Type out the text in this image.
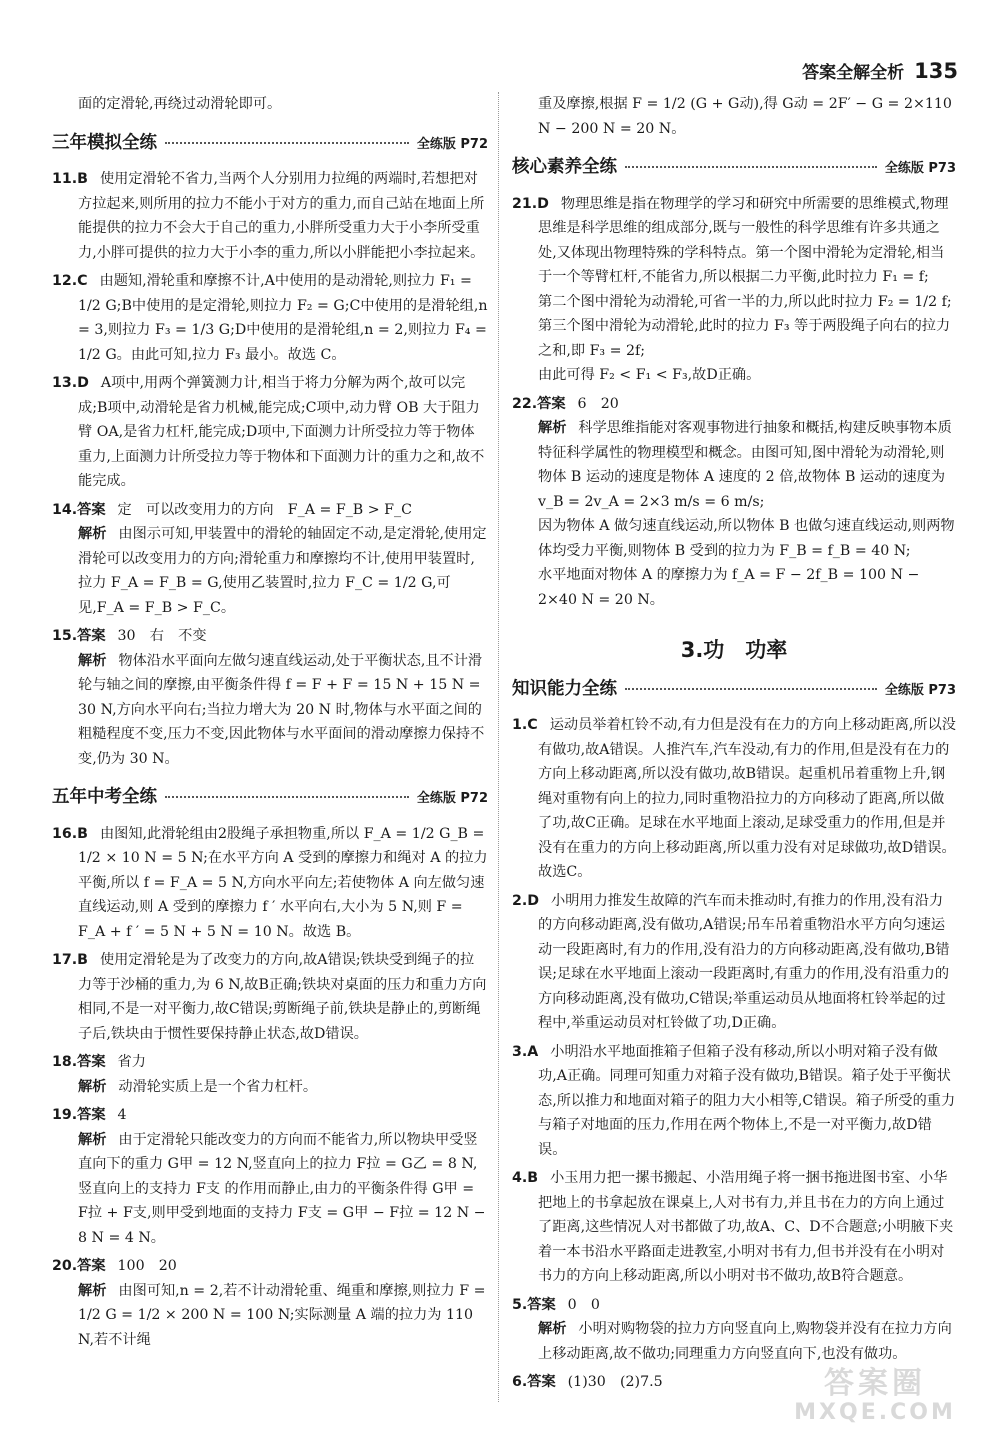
答案全解全析 135

面的定滑轮,再绕过动滑轮即可。

三年模拟全练	全练版 P72

11.B 使用定滑轮不省力,当两个人分别用力拉绳的两端时,若想把对方拉起来,则所用的拉力不能小于对方的重力,而自己站在地面上所能提供的拉力不会大于自己的重力,小胖所受重力大于小李所受重力,小胖可提供的拉力大于小李的重力,所以小胖能把小李拉起来。

12.C 由题知,滑轮重和摩擦不计,A中使用的是动滑轮,则拉力 F₁ = 1/2 G;B中使用的是定滑轮,则拉力 F₂ = G;C中使用的是滑轮组,n = 3,则拉力 F₃ = 1/3 G;D中使用的是滑轮组,n = 2,则拉力 F₄ = 1/2 G。由此可知,拉力 F₃ 最小。故选 C。

13.D A项中,用两个弹簧测力计,相当于将力分解为两个,故可以完成;B项中,动滑轮是省力机械,能完成;C项中,动力臂 OB 大于阻力臂 OA,是省力杠杆,能完成;D项中,下面测力计所受拉力等于物体重力,上面测力计所受拉力等于物体和下面测力计的重力之和,故不能完成。

14.答案 定　可以改变用力的方向　F_A = F_B > F_C

解析 由图示可知,甲装置中的滑轮的轴固定不动,是定滑轮,使用定滑轮可以改变用力的方向;滑轮重力和摩擦均不计,使用甲装置时,拉力 F_A = F_B = G,使用乙装置时,拉力 F_C = 1/2 G,可见,F_A = F_B > F_C。

15.答案 30　右　不变

解析 物体沿水平面向左做匀速直线运动,处于平衡状态,且不计滑轮与轴之间的摩擦,由平衡条件得 f = F + F = 15 N + 15 N = 30 N,方向水平向右;当拉力增大为 20 N 时,物体与水平面之间的粗糙程度不变,压力不变,因此物体与水平面间的滑动摩擦力保持不变,仍为 30 N。

五年中考全练	全练版 P72

16.B 由图知,此滑轮组由2股绳子承担物重,所以 F_A = 1/2 G_B = 1/2 × 10 N = 5 N;在水平方向 A 受到的摩擦力和绳对 A 的拉力平衡,所以 f = F_A = 5 N,方向水平向左;若使物体 A 向左做匀速直线运动,则 A 受到的摩擦力 f ′ 水平向右,大小为 5 N,则 F = F_A + f ′ = 5 N + 5 N = 10 N。故选 B。

17.B 使用定滑轮是为了改变力的方向,故A错误;铁块受到绳子的拉力等于沙桶的重力,为 6 N,故B正确;铁块对桌面的压力和重力方向相同,不是一对平衡力,故C错误;剪断绳子前,铁块是静止的,剪断绳子后,铁块由于惯性要保持静止状态,故D错误。

18.答案 省力

解析 动滑轮实质上是一个省力杠杆。

19.答案 4

解析 由于定滑轮只能改变力的方向而不能省力,所以物块甲受竖直向下的重力 G甲 = 12 N,竖直向上的拉力 F拉 = G乙 = 8 N,竖直向上的支持力 F支 的作用而静止,由力的平衡条件得 G甲 = F拉 + F支,则甲受到地面的支持力 F支 = G甲 − F拉 = 12 N − 8 N = 4 N。

20.答案 100　20

解析 由图可知,n = 2,若不计动滑轮重、绳重和摩擦,则拉力 F = 1/2 G = 1/2 × 200 N = 100 N;实际测量 A 端的拉力为 110 N,若不计绳

重及摩擦,根据 F = 1/2 (G + G动),得 G动 = 2F′ − G = 2×110 N − 200 N = 20 N。

核心素养全练	全练版 P73

21.D 物理思维是指在物理学的学习和研究中所需要的思维模式,物理思维是科学思维的组成部分,既与一般性的科学思维有许多共通之处,又体现出物理特殊的学科特点。第一个图中滑轮为定滑轮,相当于一个等臂杠杆,不能省力,所以根据二力平衡,此时拉力 F₁ = f;

第二个图中滑轮为动滑轮,可省一半的力,所以此时拉力 F₂ = 1/2 f;

第三个图中滑轮为动滑轮,此时的拉力 F₃ 等于两股绳子向右的拉力之和,即 F₃ = 2f;

由此可得 F₂ < F₁ < F₃,故D正确。

22.答案 6　20

解析 科学思维指能对客观事物进行抽象和概括,构建反映事物本质特征科学属性的物理模型和概念。由图可知,图中滑轮为动滑轮,则物体 B 运动的速度是物体 A 速度的 2 倍,故物体 B 运动的速度为 v_B = 2v_A = 2×3 m/s = 6 m/s;

因为物体 A 做匀速直线运动,所以物体 B 也做匀速直线运动,则两物体均受力平衡,则物体 B 受到的拉力为 F_B = f_B = 40 N;

水平地面对物体 A 的摩擦力为 f_A = F − 2f_B = 100 N − 2×40 N = 20 N。

3.功　功率
知识能力全练	全练版 P73

1.C 运动员举着杠铃不动,有力但是没有在力的方向上移动距离,所以没有做功,故A错误。人推汽车,汽车没动,有力的作用,但是没有在力的方向上移动距离,所以没有做功,故B错误。起重机吊着重物上升,钢绳对重物有向上的拉力,同时重物沿拉力的方向移动了距离,所以做了功,故C正确。足球在水平地面上滚动,足球受重力的作用,但是并没有在重力的方向上移动距离,所以重力没有对足球做功,故D错误。故选C。

2.D 小明用力推发生故障的汽车而未推动时,有推力的作用,没有沿力的方向移动距离,没有做功,A错误;吊车吊着重物沿水平方向匀速运动一段距离时,有力的作用,没有沿力的方向移动距离,没有做功,B错误;足球在水平地面上滚动一段距离时,有重力的作用,没有沿重力的方向移动距离,没有做功,C错误;举重运动员从地面将杠铃举起的过程中,举重运动员对杠铃做了功,D正确。

3.A 小明沿水平地面推箱子但箱子没有移动,所以小明对箱子没有做功,A正确。同理可知重力对箱子没有做功,B错误。箱子处于平衡状态,所以推力和地面对箱子的阻力大小相等,C错误。箱子所受的重力与箱子对地面的压力,作用在两个物体上,不是一对平衡力,故D错误。

4.B 小玉用力把一摞书搬起、小浩用绳子将一捆书拖进图书室、小华把地上的书拿起放在课桌上,人对书有力,并且书在力的方向上通过了距离,这些情况人对书都做了功,故A、C、D不合题意;小明腋下夹着一本书沿水平路面走进教室,小明对书有力,但书并没有在小明对书力的方向上移动距离,所以小明对书不做功,故B符合题意。

5.答案 0　0

解析 小明对购物袋的拉力方向竖直向上,购物袋并没有在拉力方向上移动距离,故不做功;同理重力方向竖直向下,也没有做功。

6.答案 (1)30　(2)7.5	答案圈
MXQE.COM
